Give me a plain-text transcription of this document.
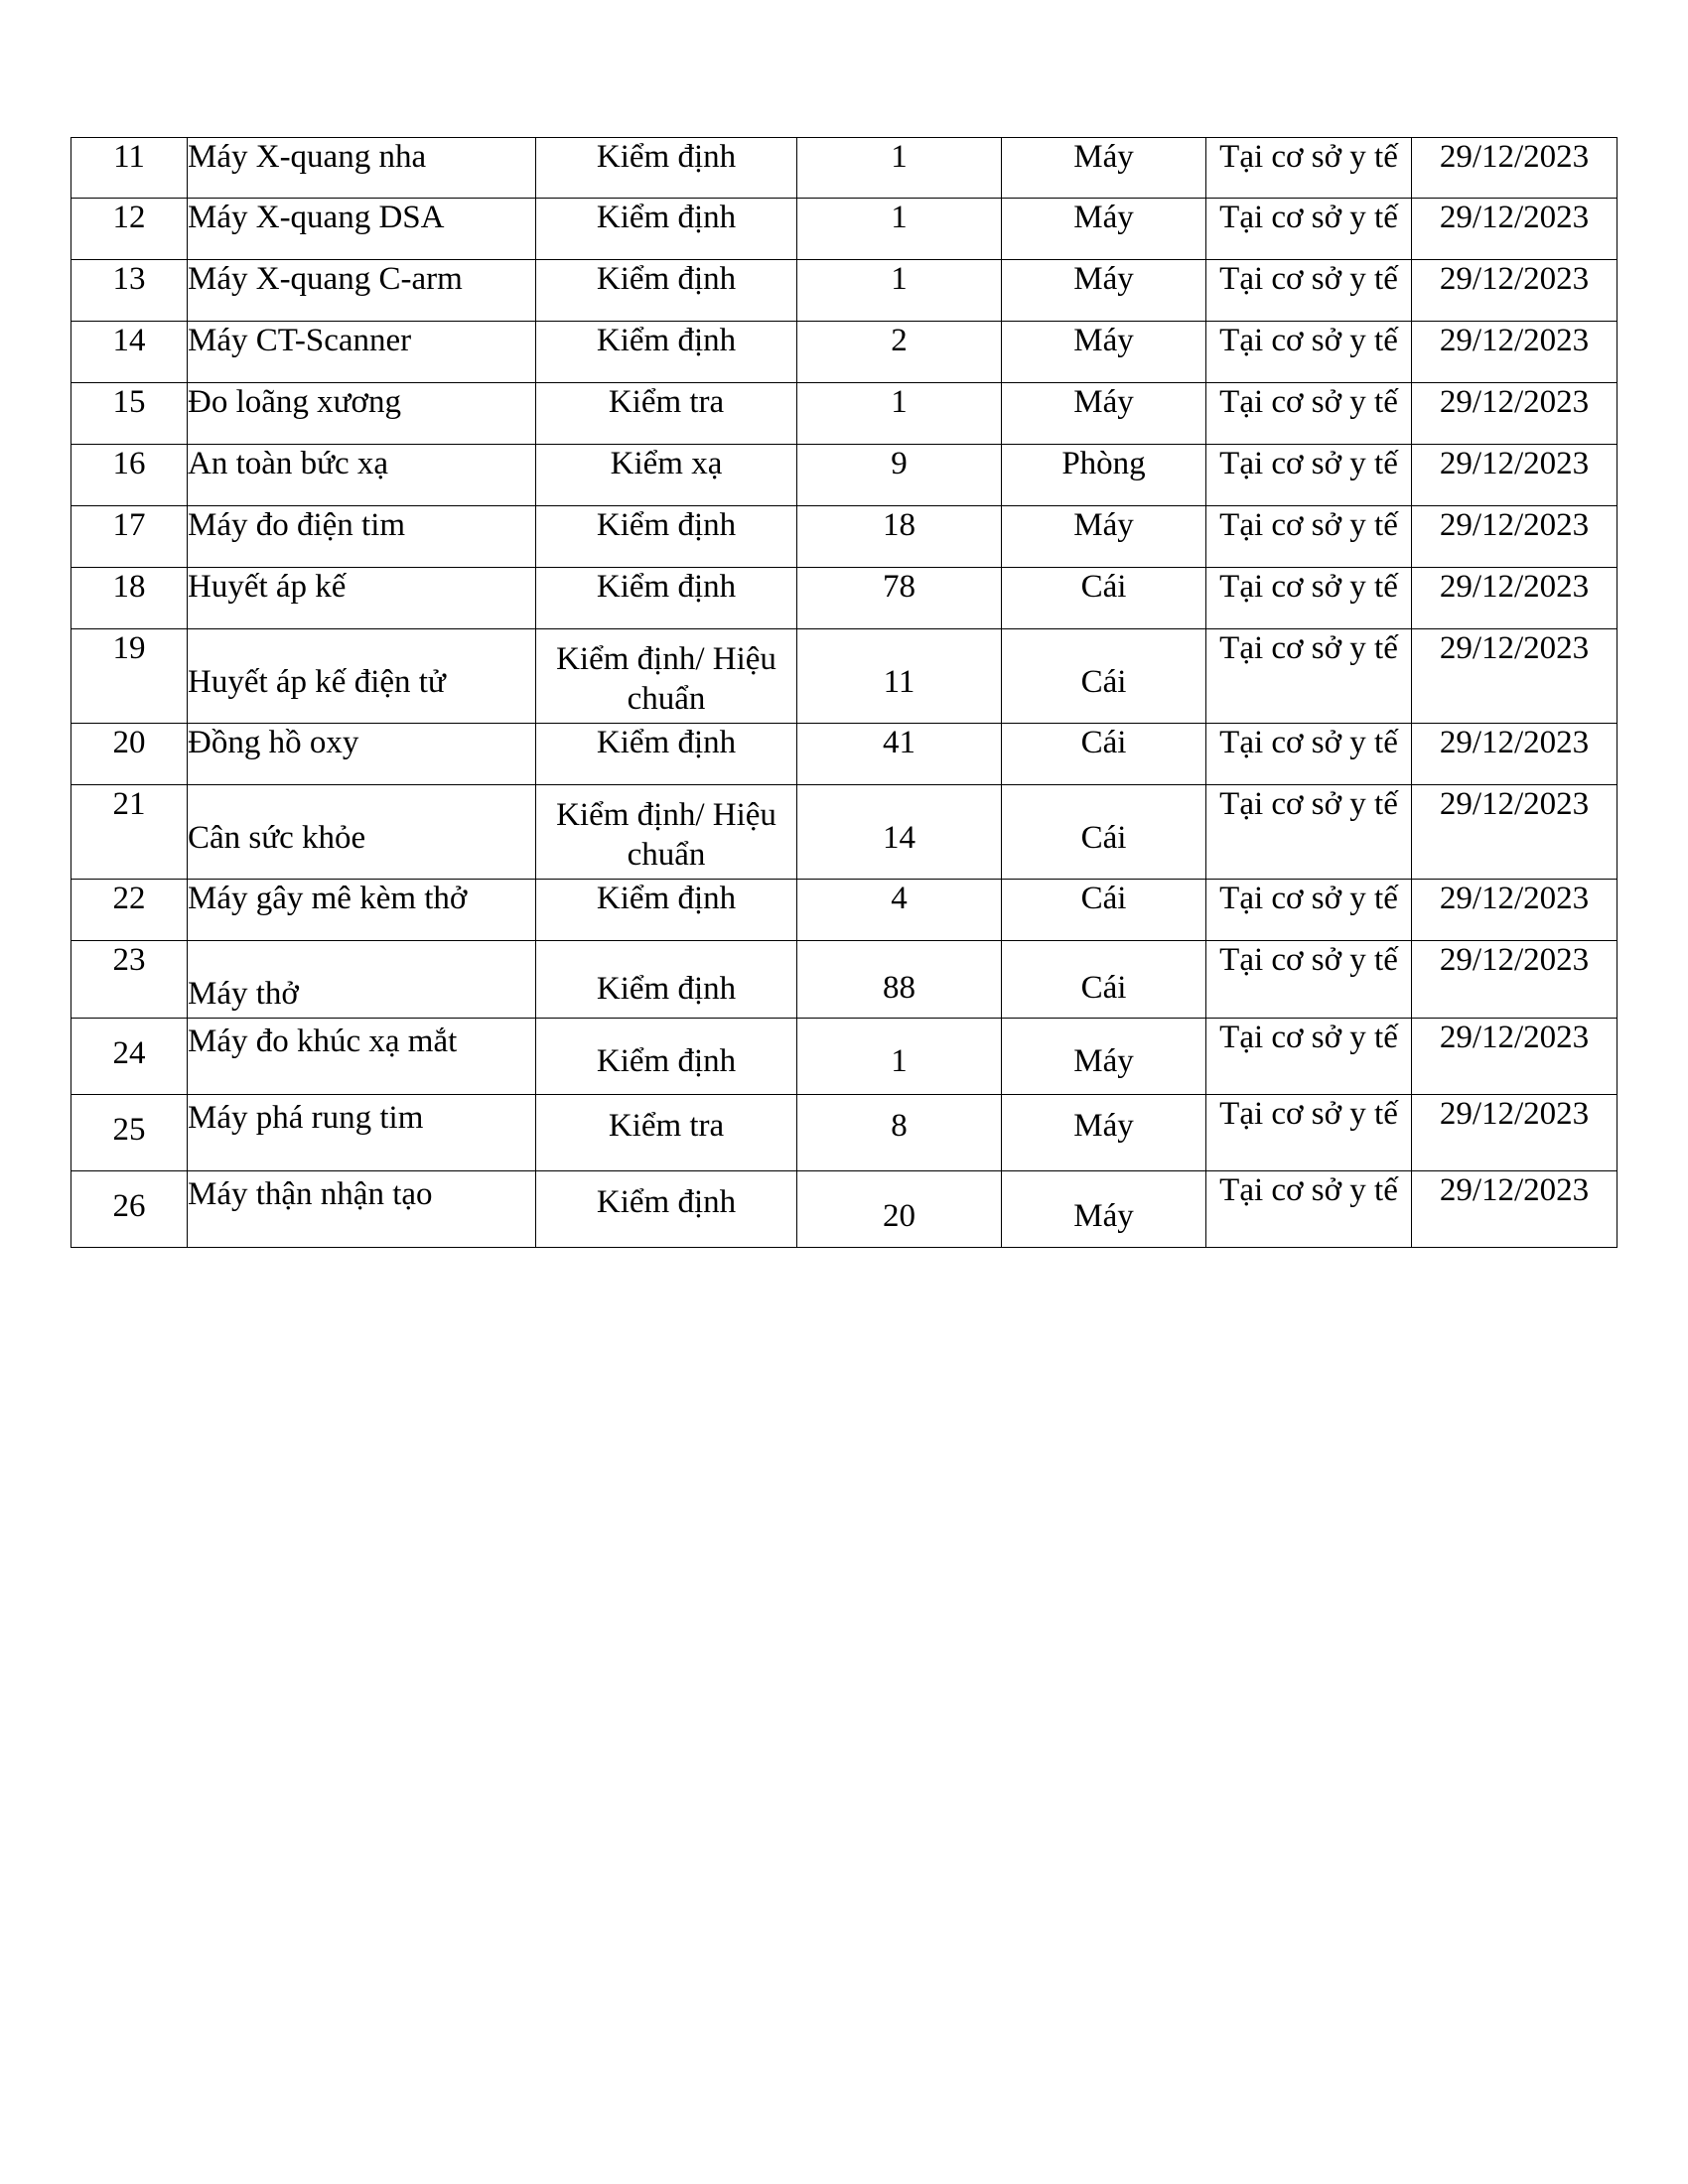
11	Máy X-quang nha	Kiểm định	1	Máy	Tại cơ sở y tế	29/12/2023
12	Máy X-quang DSA	Kiểm định	1	Máy	Tại cơ sở y tế	29/12/2023
13	Máy X-quang C-arm	Kiểm định	1	Máy	Tại cơ sở y tế	29/12/2023
14	Máy CT-Scanner	Kiểm định	2	Máy	Tại cơ sở y tế	29/12/2023
15	Đo loãng xương	Kiểm tra	1	Máy	Tại cơ sở y tế	29/12/2023
16	An toàn bức xạ	Kiểm xạ	9	Phòng	Tại cơ sở y tế	29/12/2023
17	Máy đo điện tim	Kiểm định	18	Máy	Tại cơ sở y tế	29/12/2023
18	Huyết áp kế	Kiểm định	78	Cái	Tại cơ sở y tế	29/12/2023
19	Huyết áp kế điện tử	Kiểm định/ Hiệu chuẩn	11	Cái	Tại cơ sở y tế	29/12/2023
20	Đồng hồ oxy	Kiểm định	41	Cái	Tại cơ sở y tế	29/12/2023
21	Cân sức khỏe	Kiểm định/ Hiệu chuẩn	14	Cái	Tại cơ sở y tế	29/12/2023
22	Máy gây mê kèm thở	Kiểm định	4	Cái	Tại cơ sở y tế	29/12/2023
23	Máy thở	Kiểm định	88	Cái	Tại cơ sở y tế	29/12/2023
24	Máy đo khúc xạ mắt	Kiểm định	1	Máy	Tại cơ sở y tế	29/12/2023
25	Máy phá rung tim	Kiểm tra	8	Máy	Tại cơ sở y tế	29/12/2023
26	Máy thận nhận tạo	Kiểm định	20	Máy	Tại cơ sở y tế	29/12/2023
